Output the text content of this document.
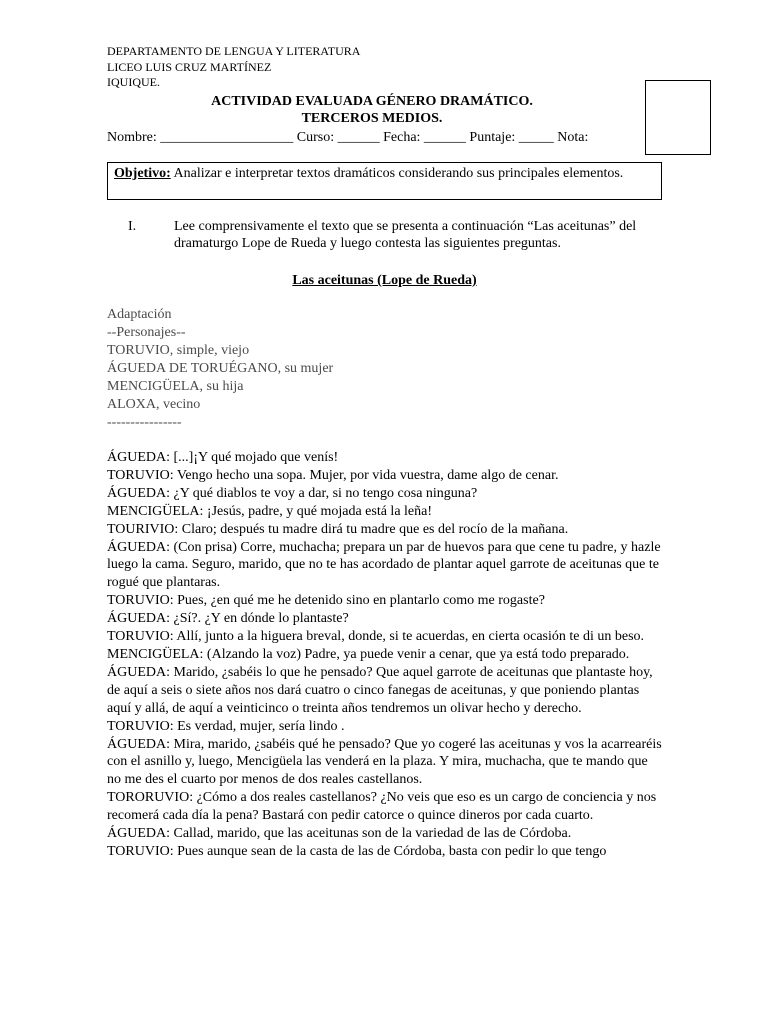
DEPARTAMENTO DE LENGUA Y LITERATURA
LICEO LUIS CRUZ MARTÍNEZ
IQUIQUE.
ACTIVIDAD EVALUADA GÉNERO DRAMÁTICO.
TERCEROS MEDIOS.
Nombre: ___________________ Curso: ______ Fecha: ______ Puntaje: _____ Nota:
Objetivo: Analizar e interpretar textos dramáticos considerando sus principales elementos.
I.	Lee comprensivamente el texto que se presenta a continuación “Las aceitunas” del dramaturgo Lope de Rueda y luego contesta las siguientes preguntas.
Las aceitunas (Lope de Rueda)
Adaptación
--Personajes--
TORUVIO, simple, viejo
ÁGUEDA DE TORUÉGANO, su mujer
MENCIGÜELA, su hija
ALOXA, vecino
----------------

ÁGUEDA: [...]¡Y qué mojado que venís!

TORUVIO: Vengo hecho una sopa. Mujer, por vida vuestra, dame algo de cenar.

ÁGUEDA: ¿Y qué diablos te voy a dar, si no tengo cosa ninguna?

MENCIGÜELA: ¡Jesús, padre, y qué mojada está la leña!

TOURIVIO: Claro; después tu madre dirá tu madre que es del rocío de la mañana.

ÁGUEDA: (Con prisa) Corre, muchacha; prepara un par de huevos para que cene tu padre, y hazle luego la cama. Seguro, marido, que no te has acordado de plantar aquel garrote de aceitunas que te rogué que plantaras.

TORUVIO: Pues, ¿en qué me he detenido sino en plantarlo como me rogaste?

ÁGUEDA: ¿Sí?. ¿Y en dónde lo plantaste?

TORUVIO: Allí, junto a la higuera breval, donde, si te acuerdas, en cierta ocasión te di un beso.

MENCIGÜELA: (Alzando la voz) Padre, ya puede venir a cenar, que ya está todo preparado.

ÁGUEDA: Marido, ¿sabéis lo que he pensado? Que aquel garrote de aceitunas que plantaste hoy, de aquí a seis o siete años nos dará cuatro o cinco fanegas de aceitunas, y que poniendo plantas aquí y allá, de aquí a veinticinco o treinta años tendremos un olivar hecho y derecho.

TORUVIO: Es verdad, mujer, sería lindo .

ÁGUEDA: Mira, marido, ¿sabéis qué he pensado? Que yo cogeré las aceitunas y vos la acarrearéis con el asnillo y, luego, Mencigüela las venderá en la plaza. Y mira, muchacha, que te mando que no me des el cuarto por menos de dos reales castellanos.

TORORUVIO: ¿Cómo a dos reales castellanos? ¿No veis que eso es un cargo de conciencia y nos recomerá cada día la pena? Bastará con pedir catorce o quince dineros por cada cuarto.

ÁGUEDA: Callad, marido, que las aceitunas son de la variedad de las de Córdoba.

TORUVIO: Pues aunque sean de la casta de las de Córdoba, basta con pedir lo que tengo
